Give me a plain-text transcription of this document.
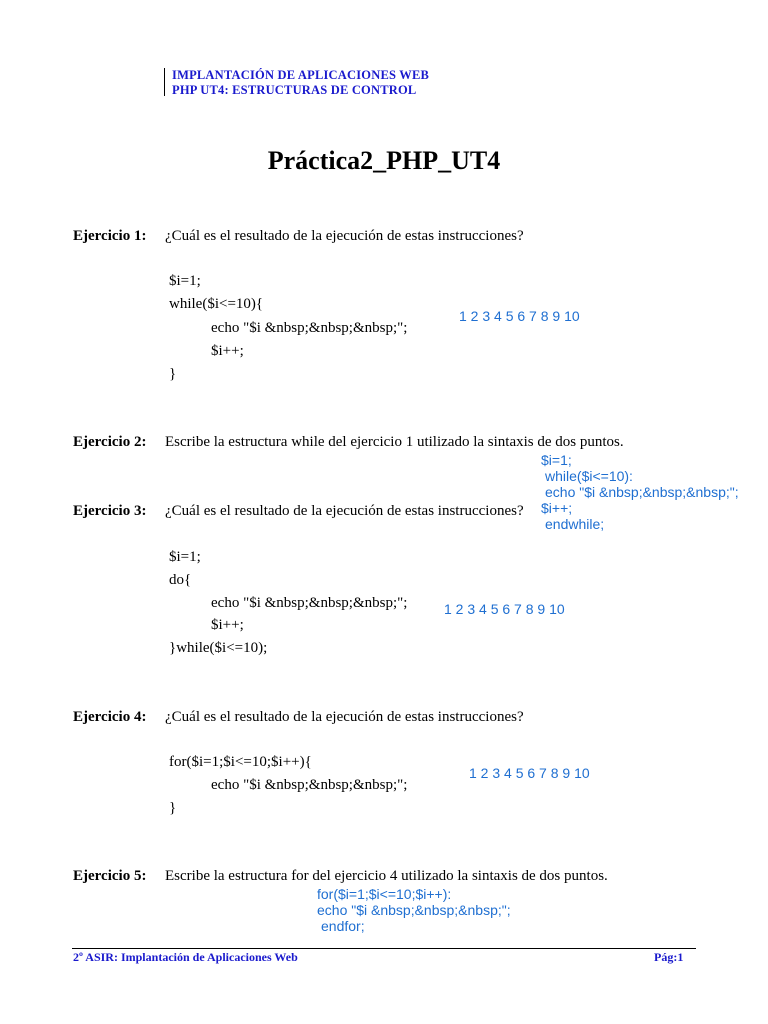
IMPLANTACIÓN DE APLICACIONES WEB
PHP UT4: ESTRUCTURAS DE CONTROL
Práctica2_PHP_UT4
Ejercicio 1: ¿Cuál es el resultado de la ejecución de estas instrucciones?
$i=1;
while($i<=10){
echo "$i &nbsp;&nbsp;&nbsp;";
$i++;
}
1 2 3 4 5 6 7 8 9 10
Ejercicio 2: Escribe la estructura while del ejercicio 1 utilizado la sintaxis de dos puntos.
$i=1;
while($i<=10):
echo "$i &nbsp;&nbsp;&nbsp;";
$i++;
endwhile;
Ejercicio 3: ¿Cuál es el resultado de la ejecución de estas instrucciones?
$i=1;
do{
echo "$i &nbsp;&nbsp;&nbsp;";
$i++;
}while($i<=10);
1 2 3 4 5 6 7 8 9 10
Ejercicio 4: ¿Cuál es el resultado de la ejecución de estas instrucciones?
for($i=1;$i<=10;$i++){
echo "$i &nbsp;&nbsp;&nbsp;";
}
1 2 3 4 5 6 7 8 9 10
Ejercicio 5: Escribe la estructura for del ejercicio 4 utilizado la sintaxis de dos puntos.
for($i=1;$i<=10;$i++):
echo "$i &nbsp;&nbsp;&nbsp;";
endfor;
2º ASIR: Implantación de Aplicaciones Web	Pág:1
